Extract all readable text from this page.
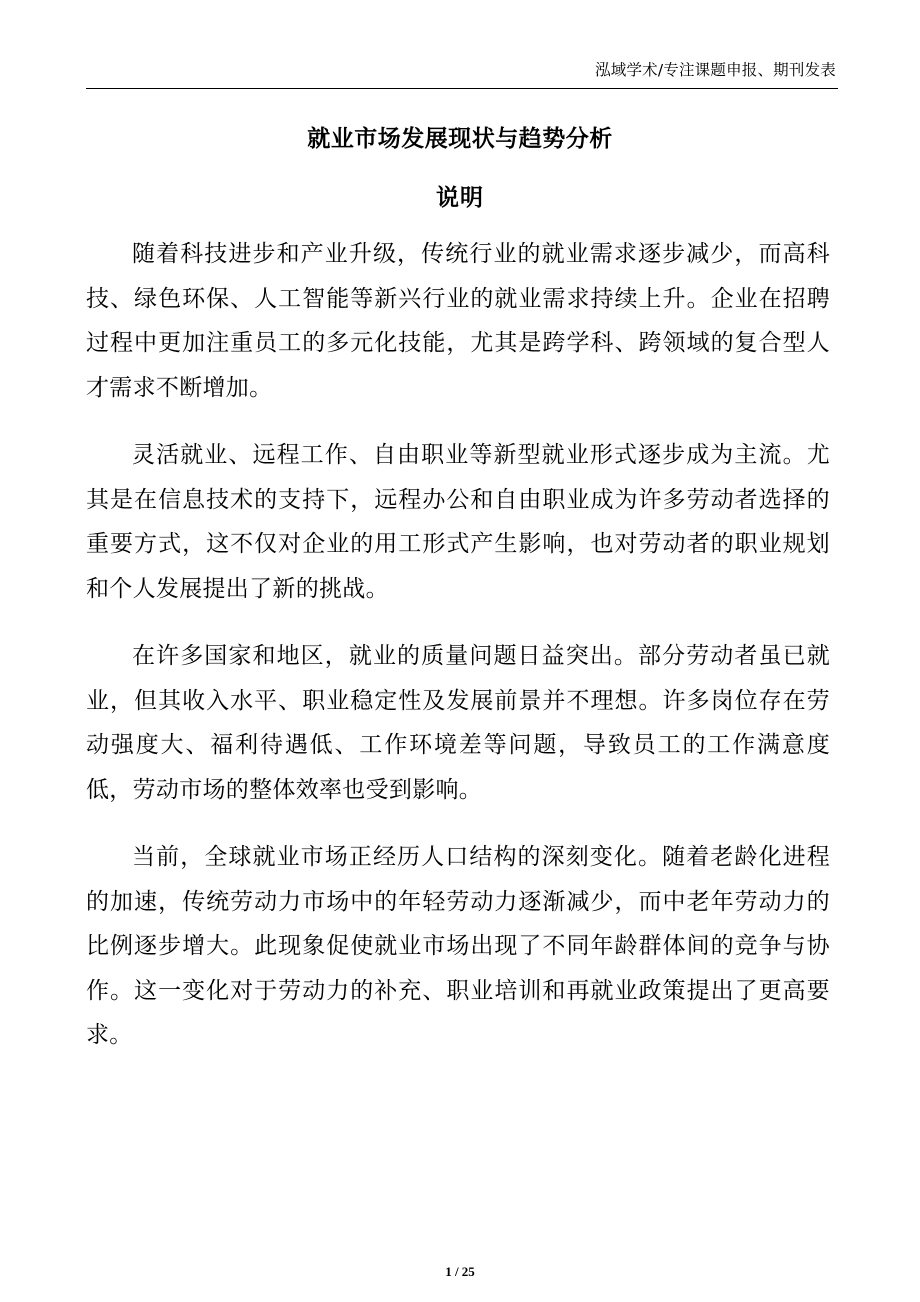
泓域学术/专注课题申报、期刊发表
就业市场发展现状与趋势分析
说明

随着科技进步和产业升级，传统行业的就业需求逐步减少，而高科技、绿色环保、人工智能等新兴行业的就业需求持续上升。企业在招聘过程中更加注重员工的多元化技能，尤其是跨学科、跨领域的复合型人才需求不断增加。

灵活就业、远程工作、自由职业等新型就业形式逐步成为主流。尤其是在信息技术的支持下，远程办公和自由职业成为许多劳动者选择的重要方式，这不仅对企业的用工形式产生影响，也对劳动者的职业规划和个人发展提出了新的挑战。

在许多国家和地区，就业的质量问题日益突出。部分劳动者虽已就业，但其收入水平、职业稳定性及发展前景并不理想。许多岗位存在劳动强度大、福利待遇低、工作环境差等问题，导致员工的工作满意度低，劳动市场的整体效率也受到影响。

当前，全球就业市场正经历人口结构的深刻变化。随着老龄化进程的加速，传统劳动力市场中的年轻劳动力逐渐减少，而中老年劳动力的比例逐步增大。此现象促使就业市场出现了不同年龄群体间的竞争与协作。这一变化对于劳动力的补充、职业培训和再就业政策提出了更高要求。

1 / 25
